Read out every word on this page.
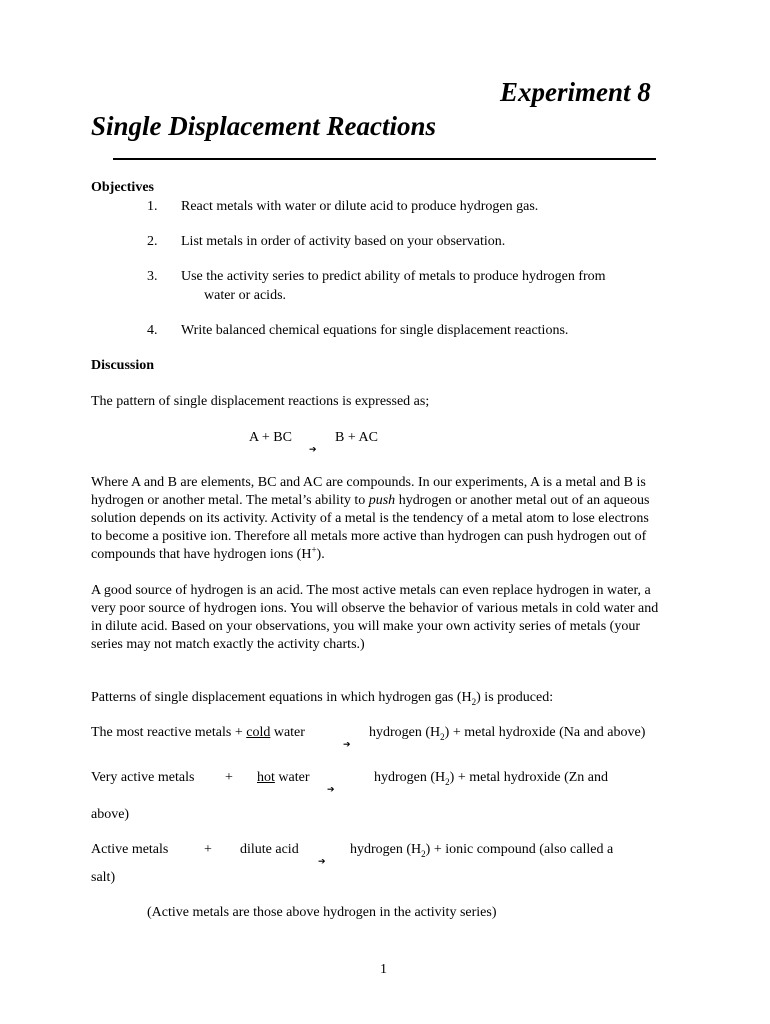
Experiment 8
Single Displacement Reactions
Objectives
1. React metals with water or dilute acid to produce hydrogen gas.
2. List metals in order of activity based on your observation.
3. Use the activity series to predict ability of metals to produce hydrogen from
water or acids.
4. Write balanced chemical equations for single displacement reactions.
Discussion
The pattern of single displacement reactions is expressed as;
A + BC
➔
B + AC

Where A and B are elements, BC and AC are compounds. In our experiments, A is a metal and B is hydrogen or another metal. The metal’s ability to push hydrogen or another metal out of an aqueous solution depends on its activity. Activity of a metal is the tendency of a metal atom to lose electrons to become a positive ion. Therefore all metals more active than hydrogen can push hydrogen out of compounds that have hydrogen ions (H+).

A good source of hydrogen is an acid. The most active metals can even replace hydrogen in water, a very poor source of hydrogen ions. You will observe the behavior of various metals in cold water and in dilute acid. Based on your observations, you will make your own activity series of metals (your series may not match exactly the activity charts.)

Patterns of single displacement equations in which hydrogen gas $(H_2)$ is produced:
The most reactive metals + cold water
➔
hydrogen $(H_2)$ + metal hydroxide (Na and above)
Very active metals + hot water
➔
hydrogen $(H_2)$ + metal hydroxide (Zn and
above)
Active metals	+ dilute acid
➔
hydrogen $(H_2)$ + ionic compound (also called a
salt)
(Active metals are those above hydrogen in the activity series)
1
